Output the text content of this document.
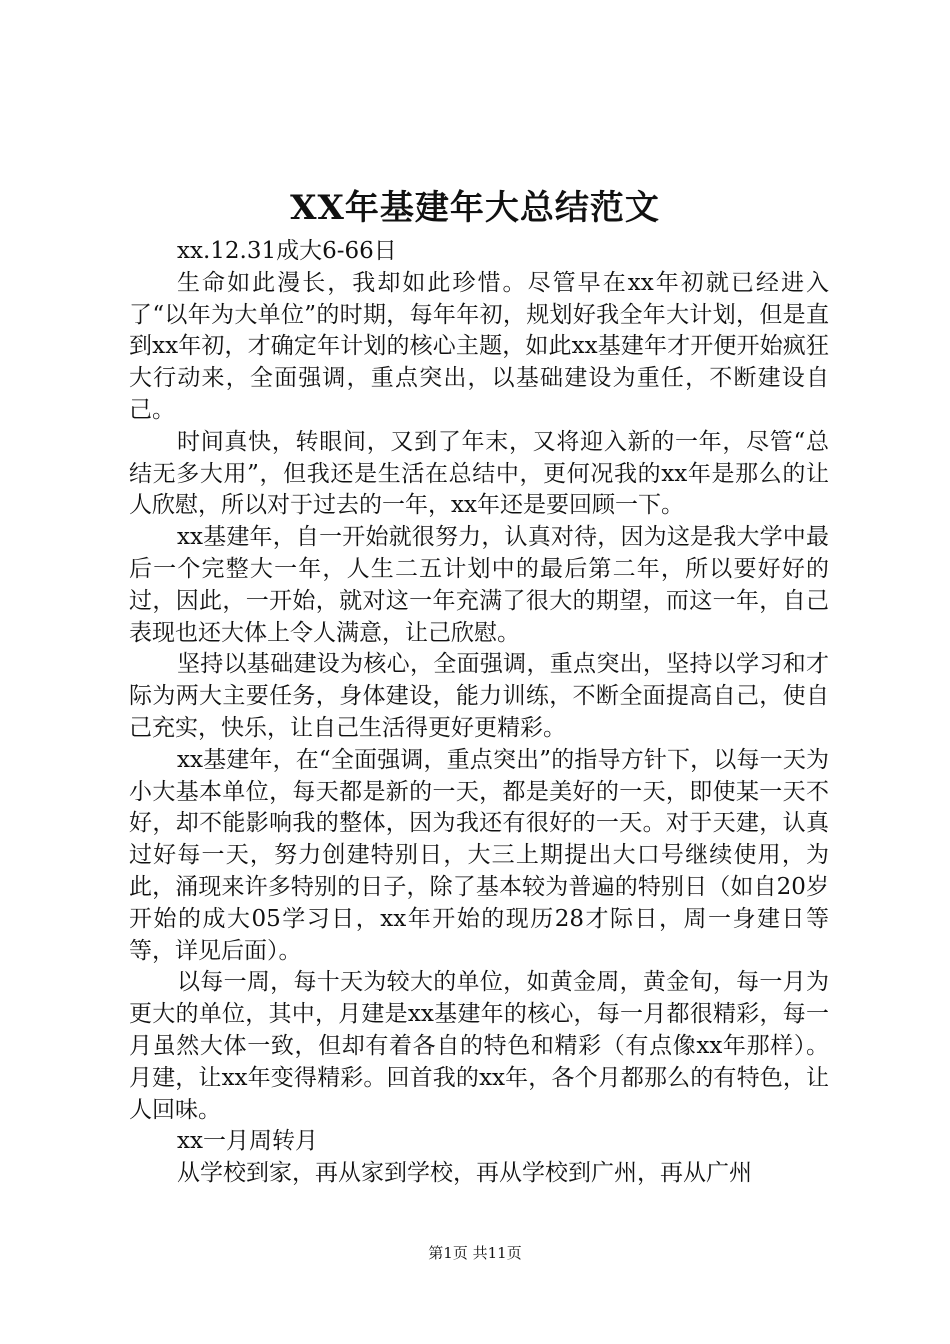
XX年基建年大总结范文

xx.12.31成大6-66日

生命如此漫长，我却如此珍惜。尽管早在xx年初就已经进入了“以年为大单位”的时期，每年年初，规划好我全年大计划，但是直到xx年初，才确定年计划的核心主题，如此xx基建年才开便开始疯狂大行动来，全面强调，重点突出，以基础建设为重任，不断建设自己。

时间真快，转眼间，又到了年末，又将迎入新的一年，尽管“总结无多大用”，但我还是生活在总结中，更何况我的xx年是那么的让人欣慰，所以对于过去的一年，xx年还是要回顾一下。

xx基建年，自一开始就很努力，认真对待，因为这是我大学中最后一个完整大一年，人生二五计划中的最后第二年，所以要好好的过，因此，一开始，就对这一年充满了很大的期望，而这一年，自己表现也还大体上令人满意，让己欣慰。

坚持以基础建设为核心，全面强调，重点突出，坚持以学习和才际为两大主要任务，身体建设，能力训练，不断全面提高自己，使自己充实，快乐，让自己生活得更好更精彩。

xx基建年，在“全面强调，重点突出”的指导方针下，以每一天为小大基本单位，每天都是新的一天，都是美好的一天，即使某一天不好，却不能影响我的整体，因为我还有很好的一天。对于天建，认真过好每一天，努力创建特别日，大三上期提出大口号继续使用，为此，涌现来许多特别的日子，除了基本较为普遍的特别日（如自20岁开始的成大05学习日，xx年开始的现历28才际日，周一身建日等等，详见后面）。

以每一周，每十天为较大的单位，如黄金周，黄金旬，每一月为更大的单位，其中，月建是xx基建年的核心，每一月都很精彩，每一月虽然大体一致，但却有着各自的特色和精彩（有点像xx年那样）。月建，让xx年变得精彩。回首我的xx年，各个月都那么的有特色，让人回味。

xx一月周转月

从学校到家，再从家到学校，再从学校到广州，再从广州

第1页 共11页
